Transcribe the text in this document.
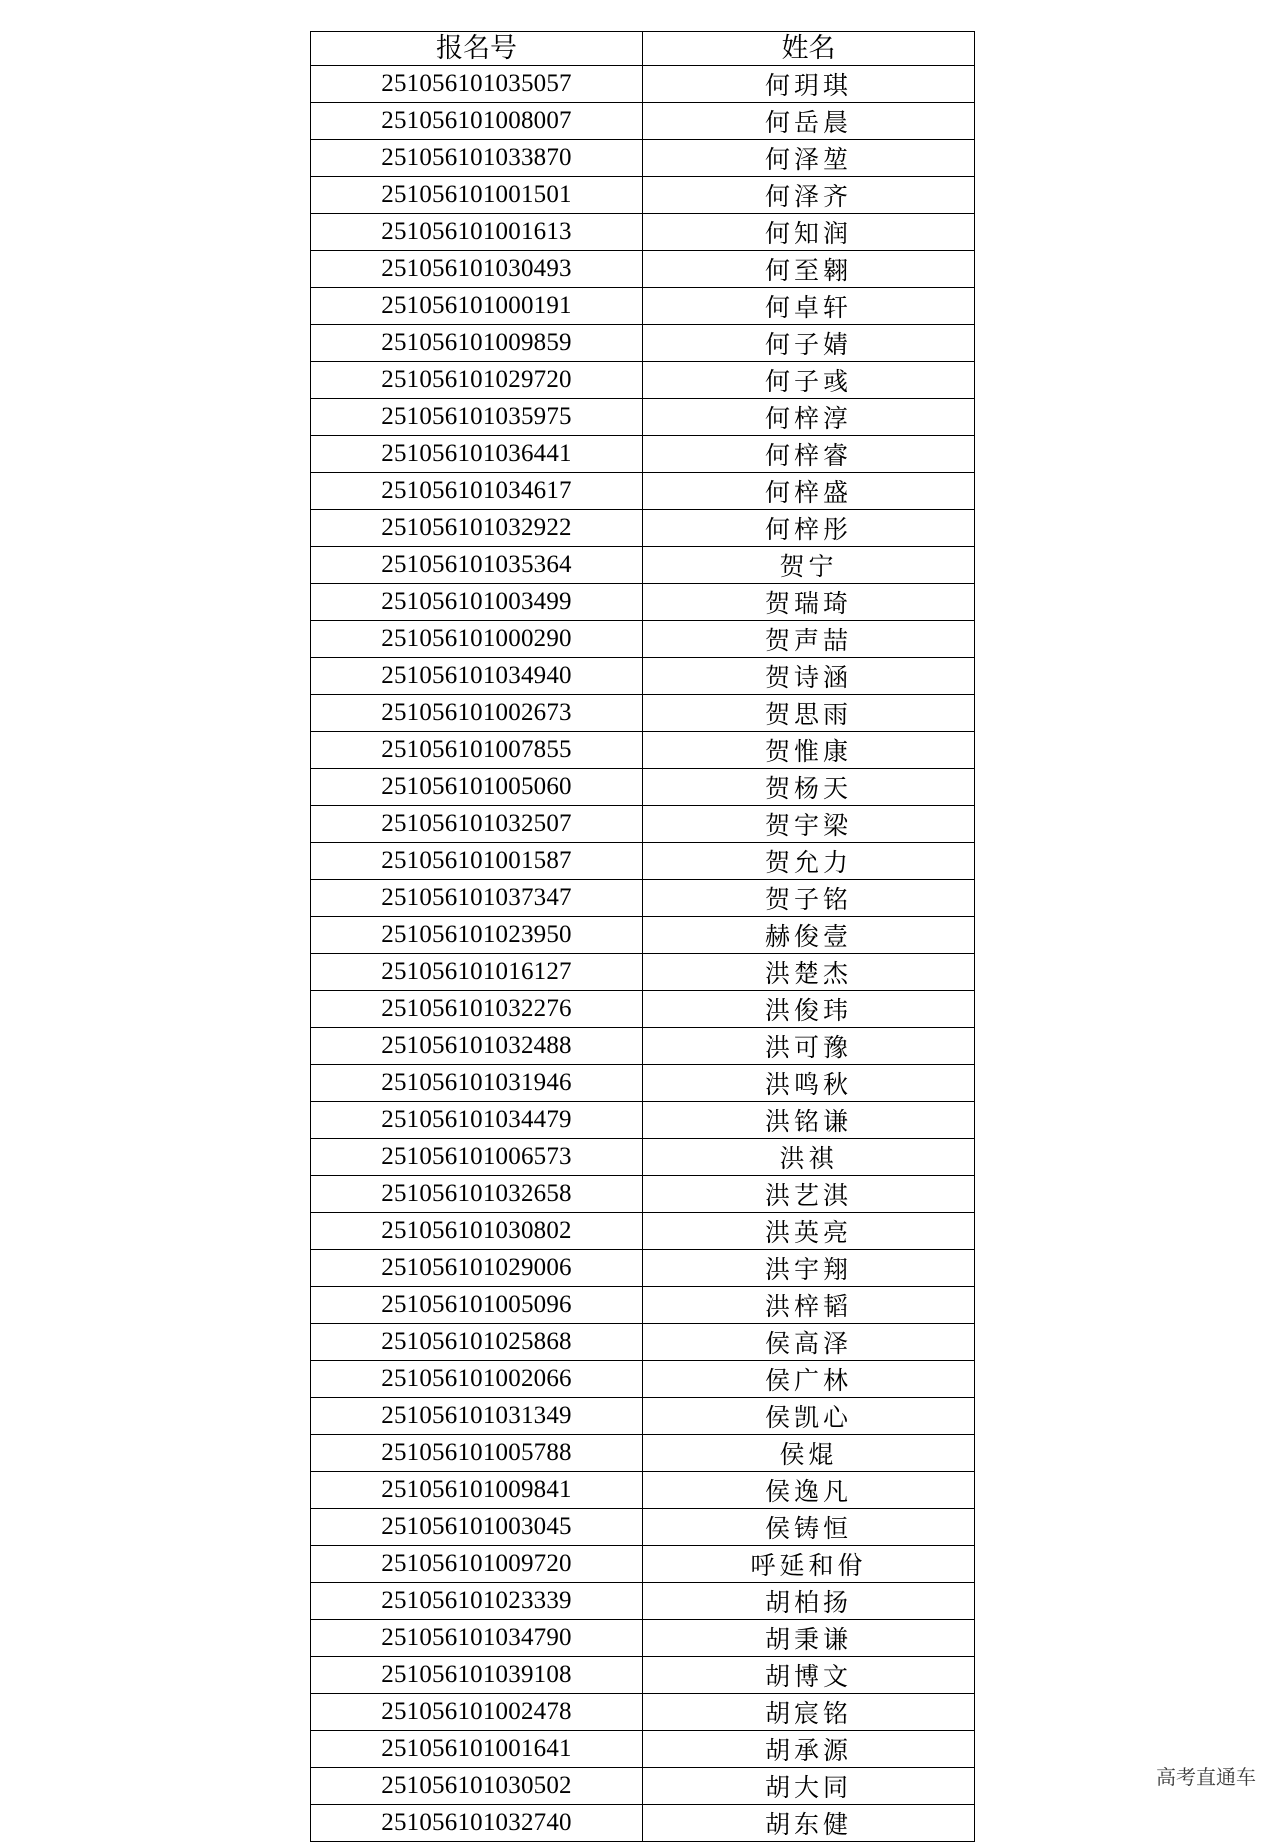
报名号	姓名
251056101035057	何玥琪
251056101008007	何岳晨
251056101033870	何泽堃
251056101001501	何泽齐
251056101001613	何知润
251056101030493	何至翱
251056101000191	何卓轩
251056101009859	何子婧
251056101029720	何子彧
251056101035975	何梓淳
251056101036441	何梓睿
251056101034617	何梓盛
251056101032922	何梓彤
251056101035364	贺宁
251056101003499	贺瑞琦
251056101000290	贺声喆
251056101034940	贺诗涵
251056101002673	贺思雨
251056101007855	贺惟康
251056101005060	贺杨天
251056101032507	贺宇梁
251056101001587	贺允力
251056101037347	贺子铭
251056101023950	赫俊壹
251056101016127	洪楚杰
251056101032276	洪俊玮
251056101032488	洪可豫
251056101031946	洪鸣秋
251056101034479	洪铭谦
251056101006573	洪祺
251056101032658	洪艺淇
251056101030802	洪英亮
251056101029006	洪宇翔
251056101005096	洪梓韬
251056101025868	侯高泽
251056101002066	侯广林
251056101031349	侯凯心
251056101005788	侯焜
251056101009841	侯逸凡
251056101003045	侯铸恒
251056101009720	呼延和佾
251056101023339	胡柏扬
251056101034790	胡秉谦
251056101039108	胡博文
251056101002478	胡宸铭
251056101001641	胡承源
251056101030502	胡大同
251056101032740	胡东健
高考直通车
